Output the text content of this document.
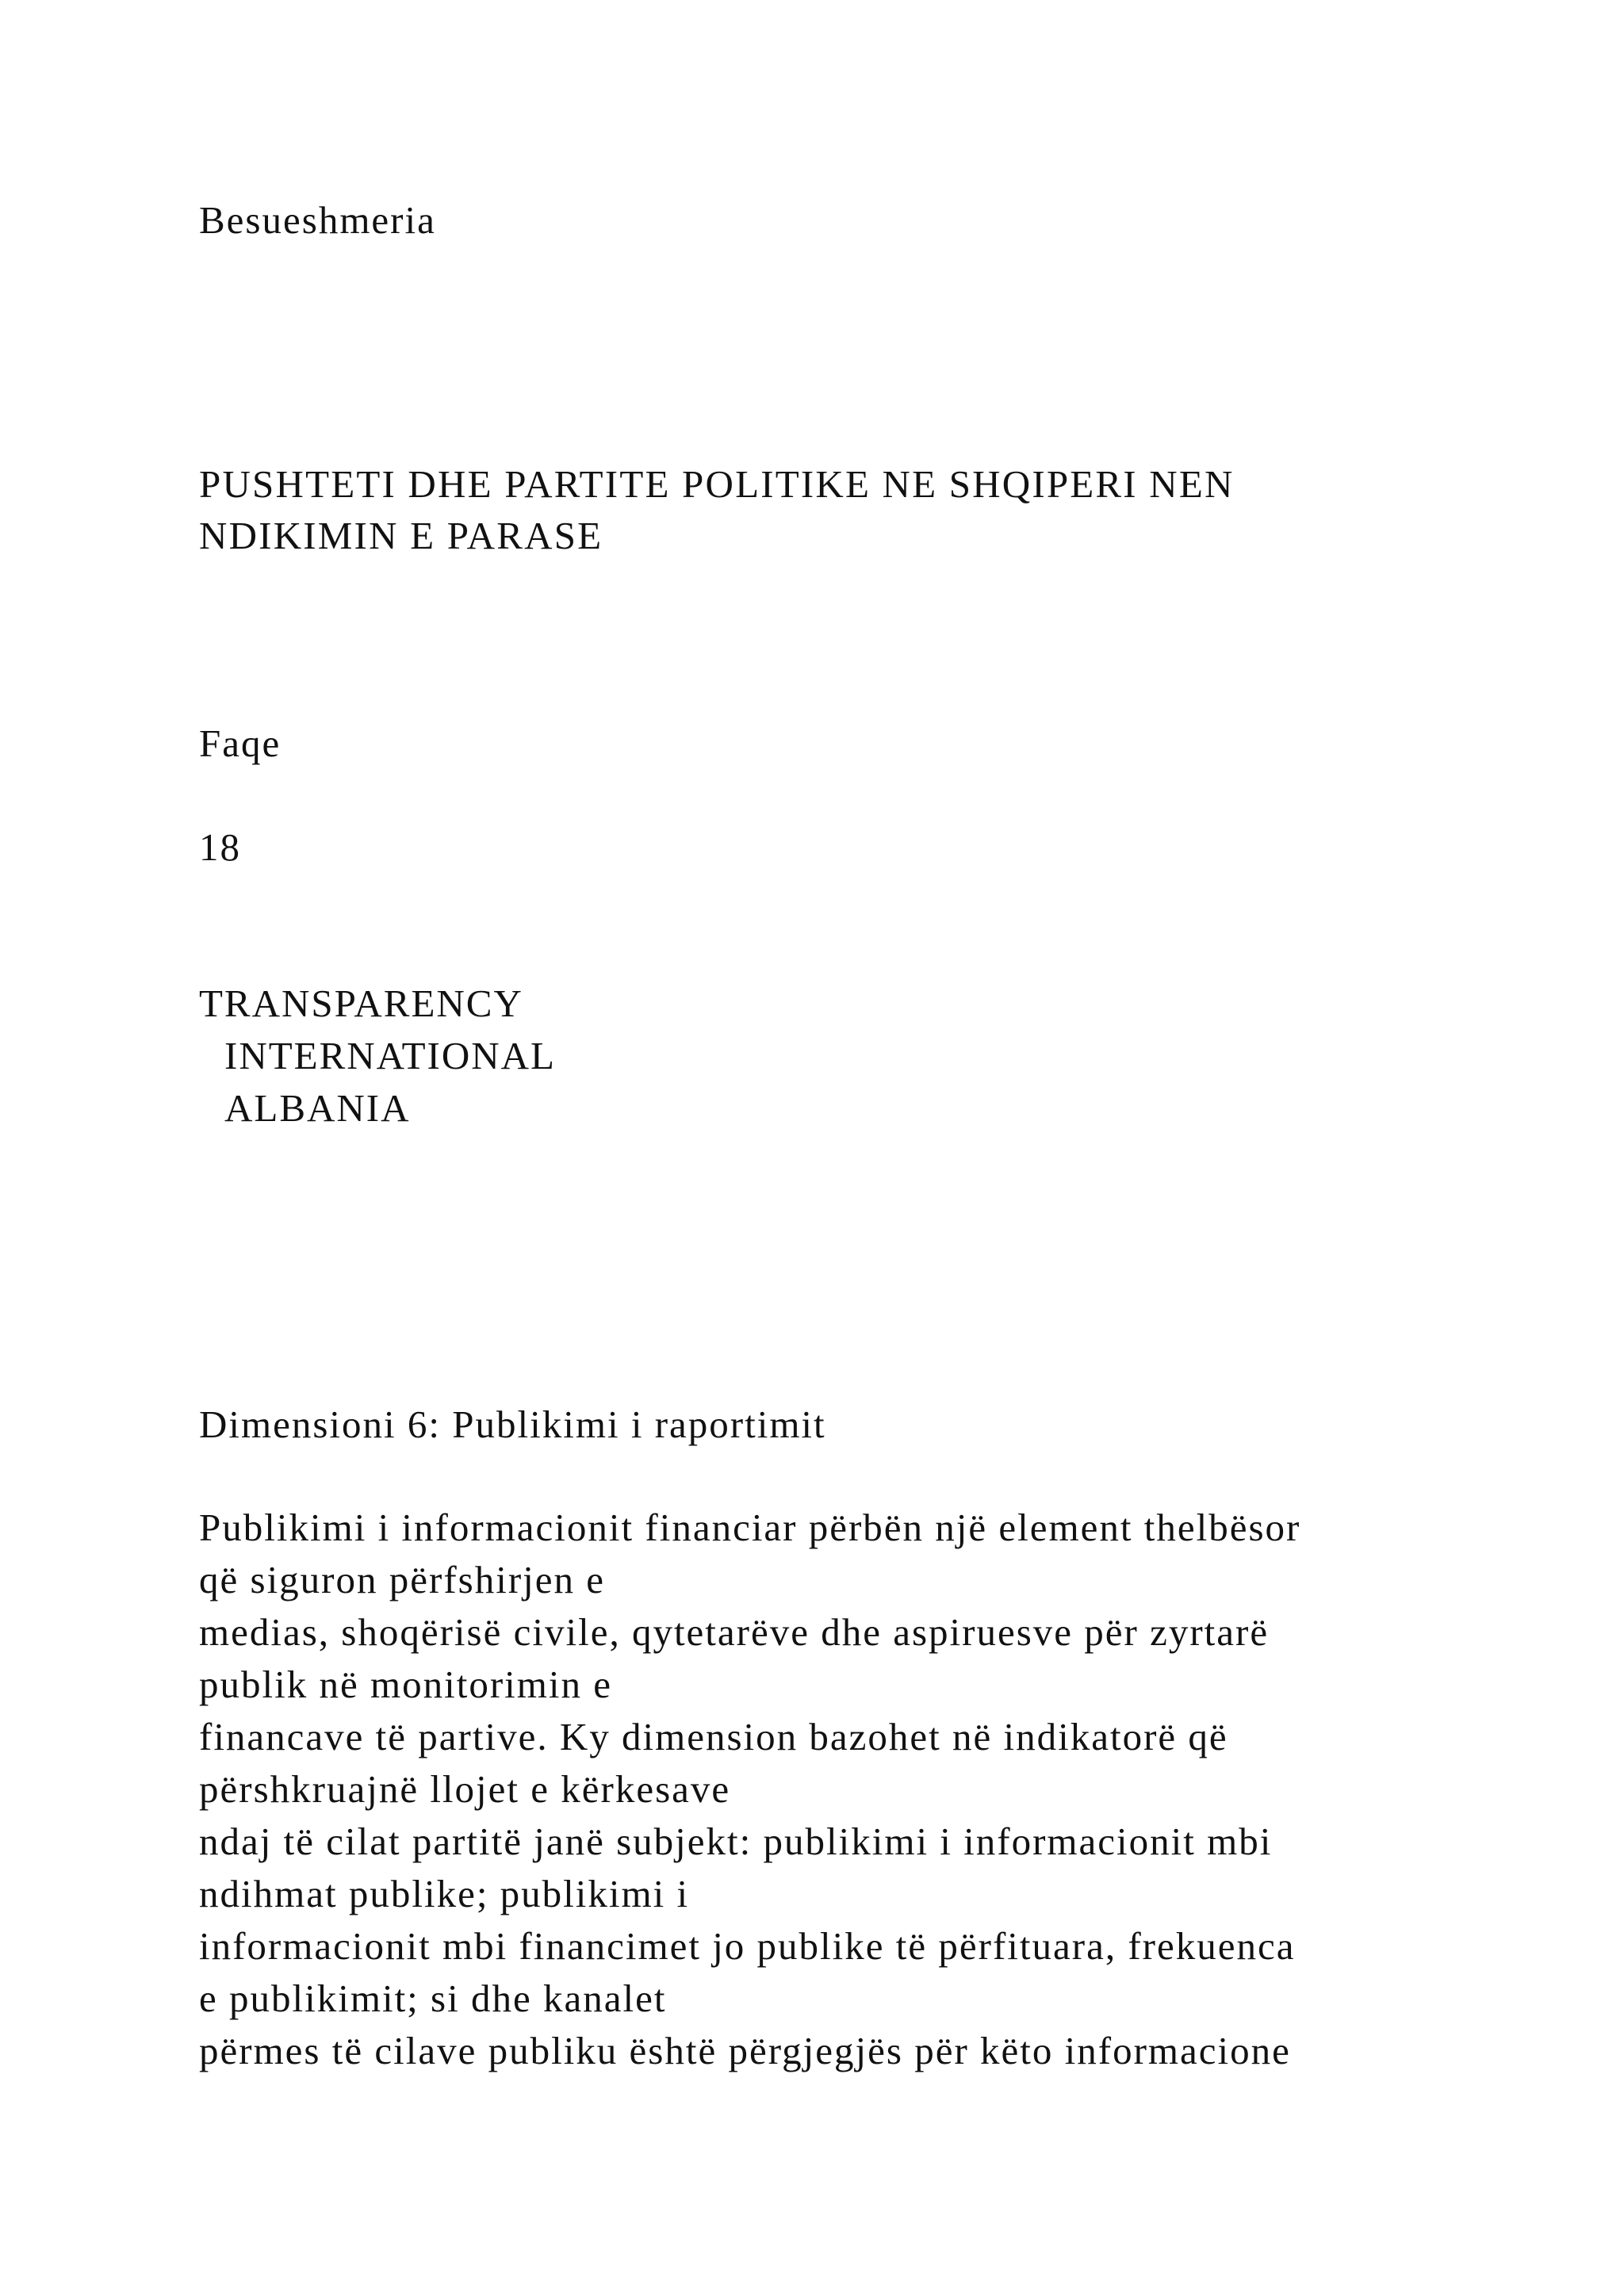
Besueshmeria

PUSHTETI DHE PARTITE POLITIKE NE SHQIPERI NEN

NDIKIMIN E PARASE

Faqe

18

TRANSPARENCY

INTERNATIONAL

ALBANIA

Dimensioni 6: Publikimi i raportimit

Publikimi i informacionit financiar përbën një element thelbësor

që siguron përfshirjen e

medias, shoqërisë civile, qytetarëve dhe aspiruesve për zyrtarë

publik në monitorimin e

financave të partive. Ky dimension bazohet në indikatorë që

përshkruajnë llojet e kërkesave

ndaj të cilat partitë janë subjekt: publikimi i informacionit mbi

ndihmat publike; publikimi i

informacionit mbi financimet jo publike të përfituara, frekuenca

e publikimit; si dhe kanalet

përmes të cilave publiku është përgjegjës për këto informacione
